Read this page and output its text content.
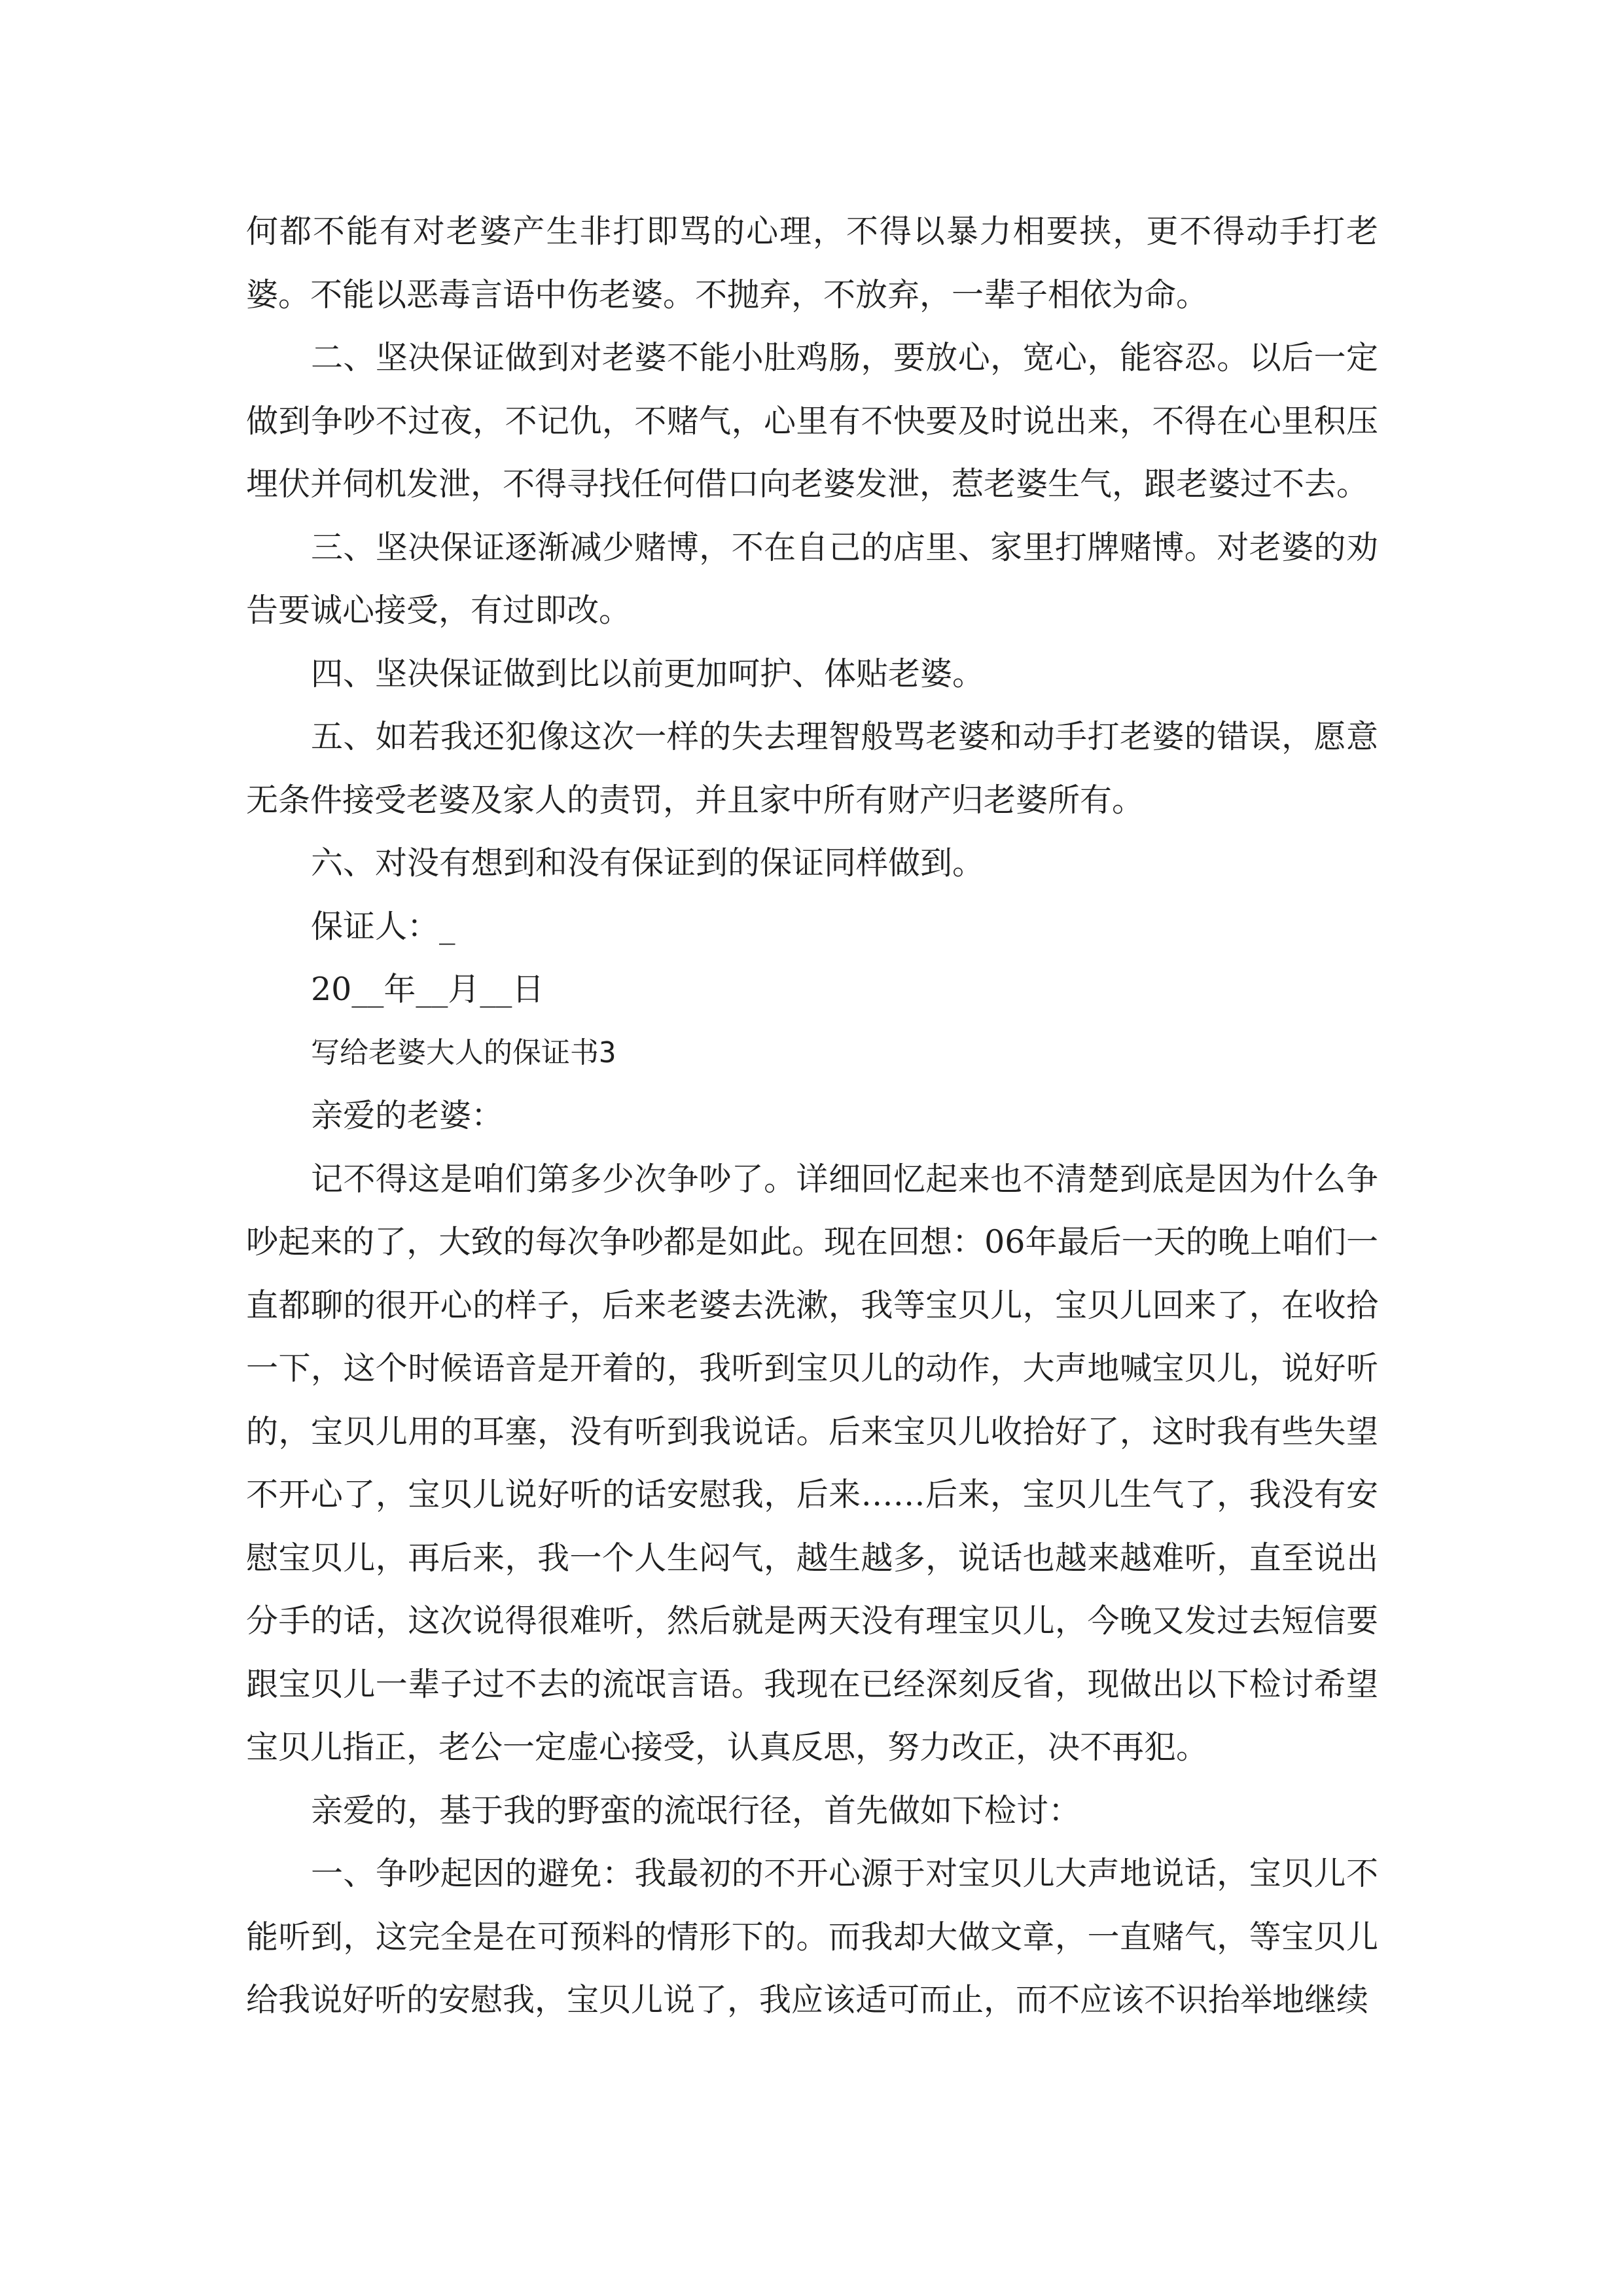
何都不能有对老婆产生非打即骂的心理，不得以暴力相要挟，更不得动手打老婆。不能以恶毒言语中伤老婆。不抛弃，不放弃，一辈子相依为命。

二、坚决保证做到对老婆不能小肚鸡肠，要放心，宽心，能容忍。以后一定做到争吵不过夜，不记仇，不赌气，心里有不快要及时说出来，不得在心里积压埋伏并伺机发泄，不得寻找任何借口向老婆发泄，惹老婆生气，跟老婆过不去。

三、坚决保证逐渐减少赌博，不在自己的店里、家里打牌赌博。对老婆的劝告要诚心接受，有过即改。

四、坚决保证做到比以前更加呵护、体贴老婆。

五、如若我还犯像这次一样的失去理智般骂老婆和动手打老婆的错误，愿意无条件接受老婆及家人的责罚，并且家中所有财产归老婆所有。

六、对没有想到和没有保证到的保证同样做到。

保证人：_

20__年__月__日

写给老婆大人的保证书3

亲爱的老婆：

记不得这是咱们第多少次争吵了。详细回忆起来也不清楚到底是因为什么争吵起来的了，大致的每次争吵都是如此。现在回想：06年最后一天的晚上咱们一直都聊的很开心的样子，后来老婆去洗漱，我等宝贝儿，宝贝儿回来了，在收拾一下，这个时候语音是开着的，我听到宝贝儿的动作，大声地喊宝贝儿，说好听的，宝贝儿用的耳塞，没有听到我说话。后来宝贝儿收拾好了，这时我有些失望不开心了，宝贝儿说好听的话安慰我，后来……后来，宝贝儿生气了，我没有安慰宝贝儿，再后来，我一个人生闷气，越生越多，说话也越来越难听，直至说出分手的话，这次说得很难听，然后就是两天没有理宝贝儿，今晚又发过去短信要跟宝贝儿一辈子过不去的流氓言语。我现在已经深刻反省，现做出以下检讨希望宝贝儿指正，老公一定虚心接受，认真反思，努力改正，决不再犯。

亲爱的，基于我的野蛮的流氓行径，首先做如下检讨：

一、争吵起因的避免：我最初的不开心源于对宝贝儿大声地说话，宝贝儿不能听到，这完全是在可预料的情形下的。而我却大做文章，一直赌气，等宝贝儿给我说好听的安慰我，宝贝儿说了，我应该适可而止，而不应该不识抬举地继续
